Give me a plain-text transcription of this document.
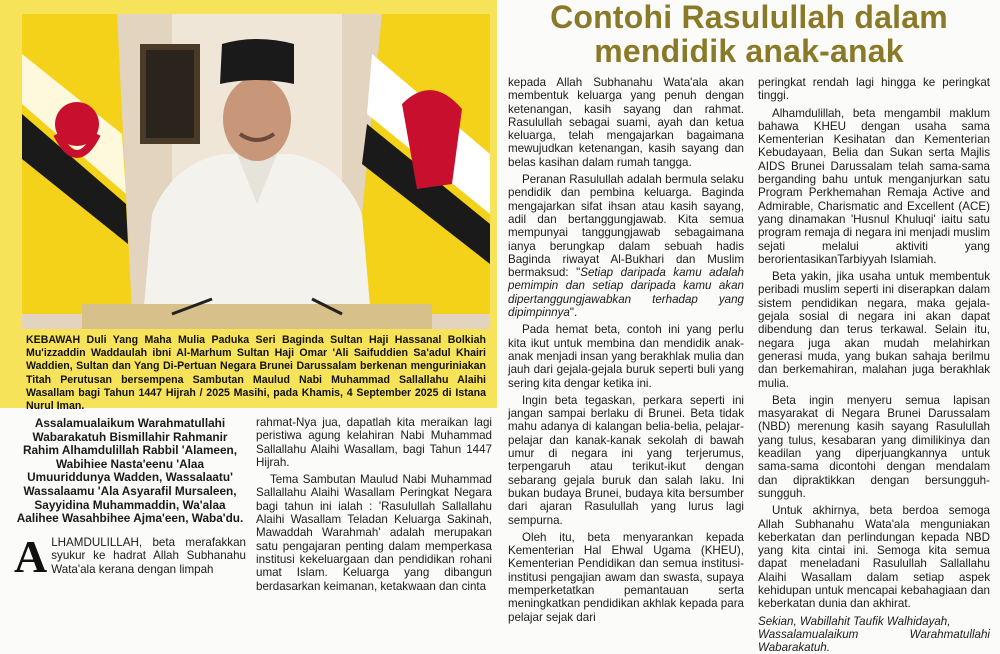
KEBAWAH Duli Yang Maha Mulia Paduka Seri Baginda Sultan Haji Hassanal Bolkiah Mu'izzaddin Waddaulah ibni Al-Marhum Sultan Haji Omar 'Ali Saifuddien Sa'adul Khairi Waddien, Sultan dan Yang Di-Pertuan Negara Brunei Darussalam berkenan menguriniakan Titah Perutusan bersempena Sambutan Maulud Nabi Muhammad Sallallahu Alaihi Wasallam bagi Tahun 1447 Hijrah / 2025 Masihi, pada Khamis, 4 September 2025 di Istana Nurul Iman.
Contohi Rasulullah dalam
mendidik anak-anak
Assalamualaikum Warahmatullahi Wabarakatuh Bismillahir Rahmanir Rahim Alhamdulillah Rabbil 'Alameen, Wabihiee Nasta'eenu 'Alaa Umuuriddunya Wadden, Wassalaatu' Wassalaamu 'Ala Asyarafil Mursaleen, Sayyidina Muhammaddin, Wa'alaa Aalihee Wasahbihee Ajma'een, Waba'du.

ALHAMDULILLAH, beta merafakkan syukur ke hadrat Allah Subhanahu Wata'ala kerana dengan limpah

rahmat-Nya jua, dapatlah kita meraikan lagi peristiwa agung kelahiran Nabi Muhammad Sallallahu Alaihi Wasallam, bagi Tahun 1447 Hijrah.

Tema Sambutan Maulud Nabi Muhammad Sallallahu Alaihi Wasallam Peringkat Negara bagi tahun ini ialah : 'Rasulullah Sallallahu Alaihi Wasallam Teladan Keluarga Sakinah, Mawaddah Warahmah' adalah merupakan satu pengajaran penting dalam memperkasa institusi kekeluargaan dan pendidikan rohani umat Islam. Keluarga yang dibangun berdasarkan keimanan, ketakwaan dan cinta

kepada Allah Subhanahu Wata'ala akan membentuk keluarga yang penuh dengan ketenangan, kasih sayang dan rahmat. Rasulullah sebagai suami, ayah dan ketua keluarga, telah mengajarkan bagaimana mewujudkan ketenangan, kasih sayang dan belas kasihan dalam rumah tangga.

Peranan Rasulullah adalah bermula selaku pendidik dan pembina keluarga. Baginda mengajarkan sifat ihsan atau kasih sayang, adil dan bertanggungjawab. Kita semua mempunyai tanggungjawab sebagaimana ianya berungkap dalam sebuah hadis Baginda riwayat Al-Bukhari dan Muslim bermaksud: "Setiap daripada kamu adalah pemimpin dan setiap daripada kamu akan dipertanggungjawabkan terhadap yang dipimpinnya".

Pada hemat beta, contoh ini yang perlu kita ikut untuk membina dan mendidik anak-anak menjadi insan yang berakhlak mulia dan jauh dari gejala-gejala buruk seperti buli yang sering kita dengar ketika ini.

Ingin beta tegaskan, perkara seperti ini jangan sampai berlaku di Brunei. Beta tidak mahu adanya di kalangan belia-belia, pelajar-pelajar dan kanak-kanak sekolah di bawah umur di negara ini yang terjerumus, terpengaruh atau terikut-ikut dengan sebarang gejala buruk dan salah laku. Ini bukan budaya Brunei, budaya kita bersumber dari ajaran Rasulullah yang lurus lagi sempurna.

Oleh itu, beta menyarankan kepada Kementerian Hal Ehwal Ugama (KHEU), Kementerian Pendidikan dan semua institusi-institusi pengajian awam dan swasta, supaya memperketatkan pemantauan serta meningkatkan pendidikan akhlak kepada para pelajar sejak dari

peringkat rendah lagi hingga ke peringkat tinggi.

Alhamdulillah, beta mengambil maklum bahawa KHEU dengan usaha sama Kementerian Kesihatan dan Kementerian Kebudayaan, Belia dan Sukan serta Majlis AIDS Brunei Darussalam telah sama-sama berganding bahu untuk menganjurkan satu Program Perkhemahan Remaja Active and Admirable, Charismatic and Excellent (ACE) yang dinamakan 'Husnul Khuluqi' iaitu satu program remaja di negara ini menjadi muslim sejati melalui aktiviti yang berorientasikanTarbiyyah Islamiah.

Beta yakin, jika usaha untuk membentuk peribadi muslim seperti ini diserapkan dalam sistem pendidikan negara, maka gejala-gejala sosial di negara ini akan dapat dibendung dan terus terkawal. Selain itu, negara juga akan mudah melahirkan generasi muda, yang bukan sahaja berilmu dan berkemahiran, malahan juga berakhlak mulia.

Beta ingin menyeru semua lapisan masyarakat di Negara Brunei Darussalam (NBD) merenung kasih sayang Rasulullah yang tulus, kesabaran yang dimilikinya dan keadilan yang diperjuangkannya untuk sama-sama dicontohi dengan mendalam dan dipraktikkan dengan bersungguh-sungguh.

Untuk akhirnya, beta berdoa semoga Allah Subhanahu Wata'ala menguniakan keberkatan dan perlindungan kepada NBD yang kita cintai ini. Semoga kita semua dapat meneladani Rasulullah Sallallahu Alaihi Wasallam dalam setiap aspek kehidupan untuk mencapai kebahagiaan dan keberkatan dunia dan akhirat.

Sekian, Wabillahit Taufik Walhidayah,

Wassalamualaikum Warahmatullahi Wabarakatuh.
